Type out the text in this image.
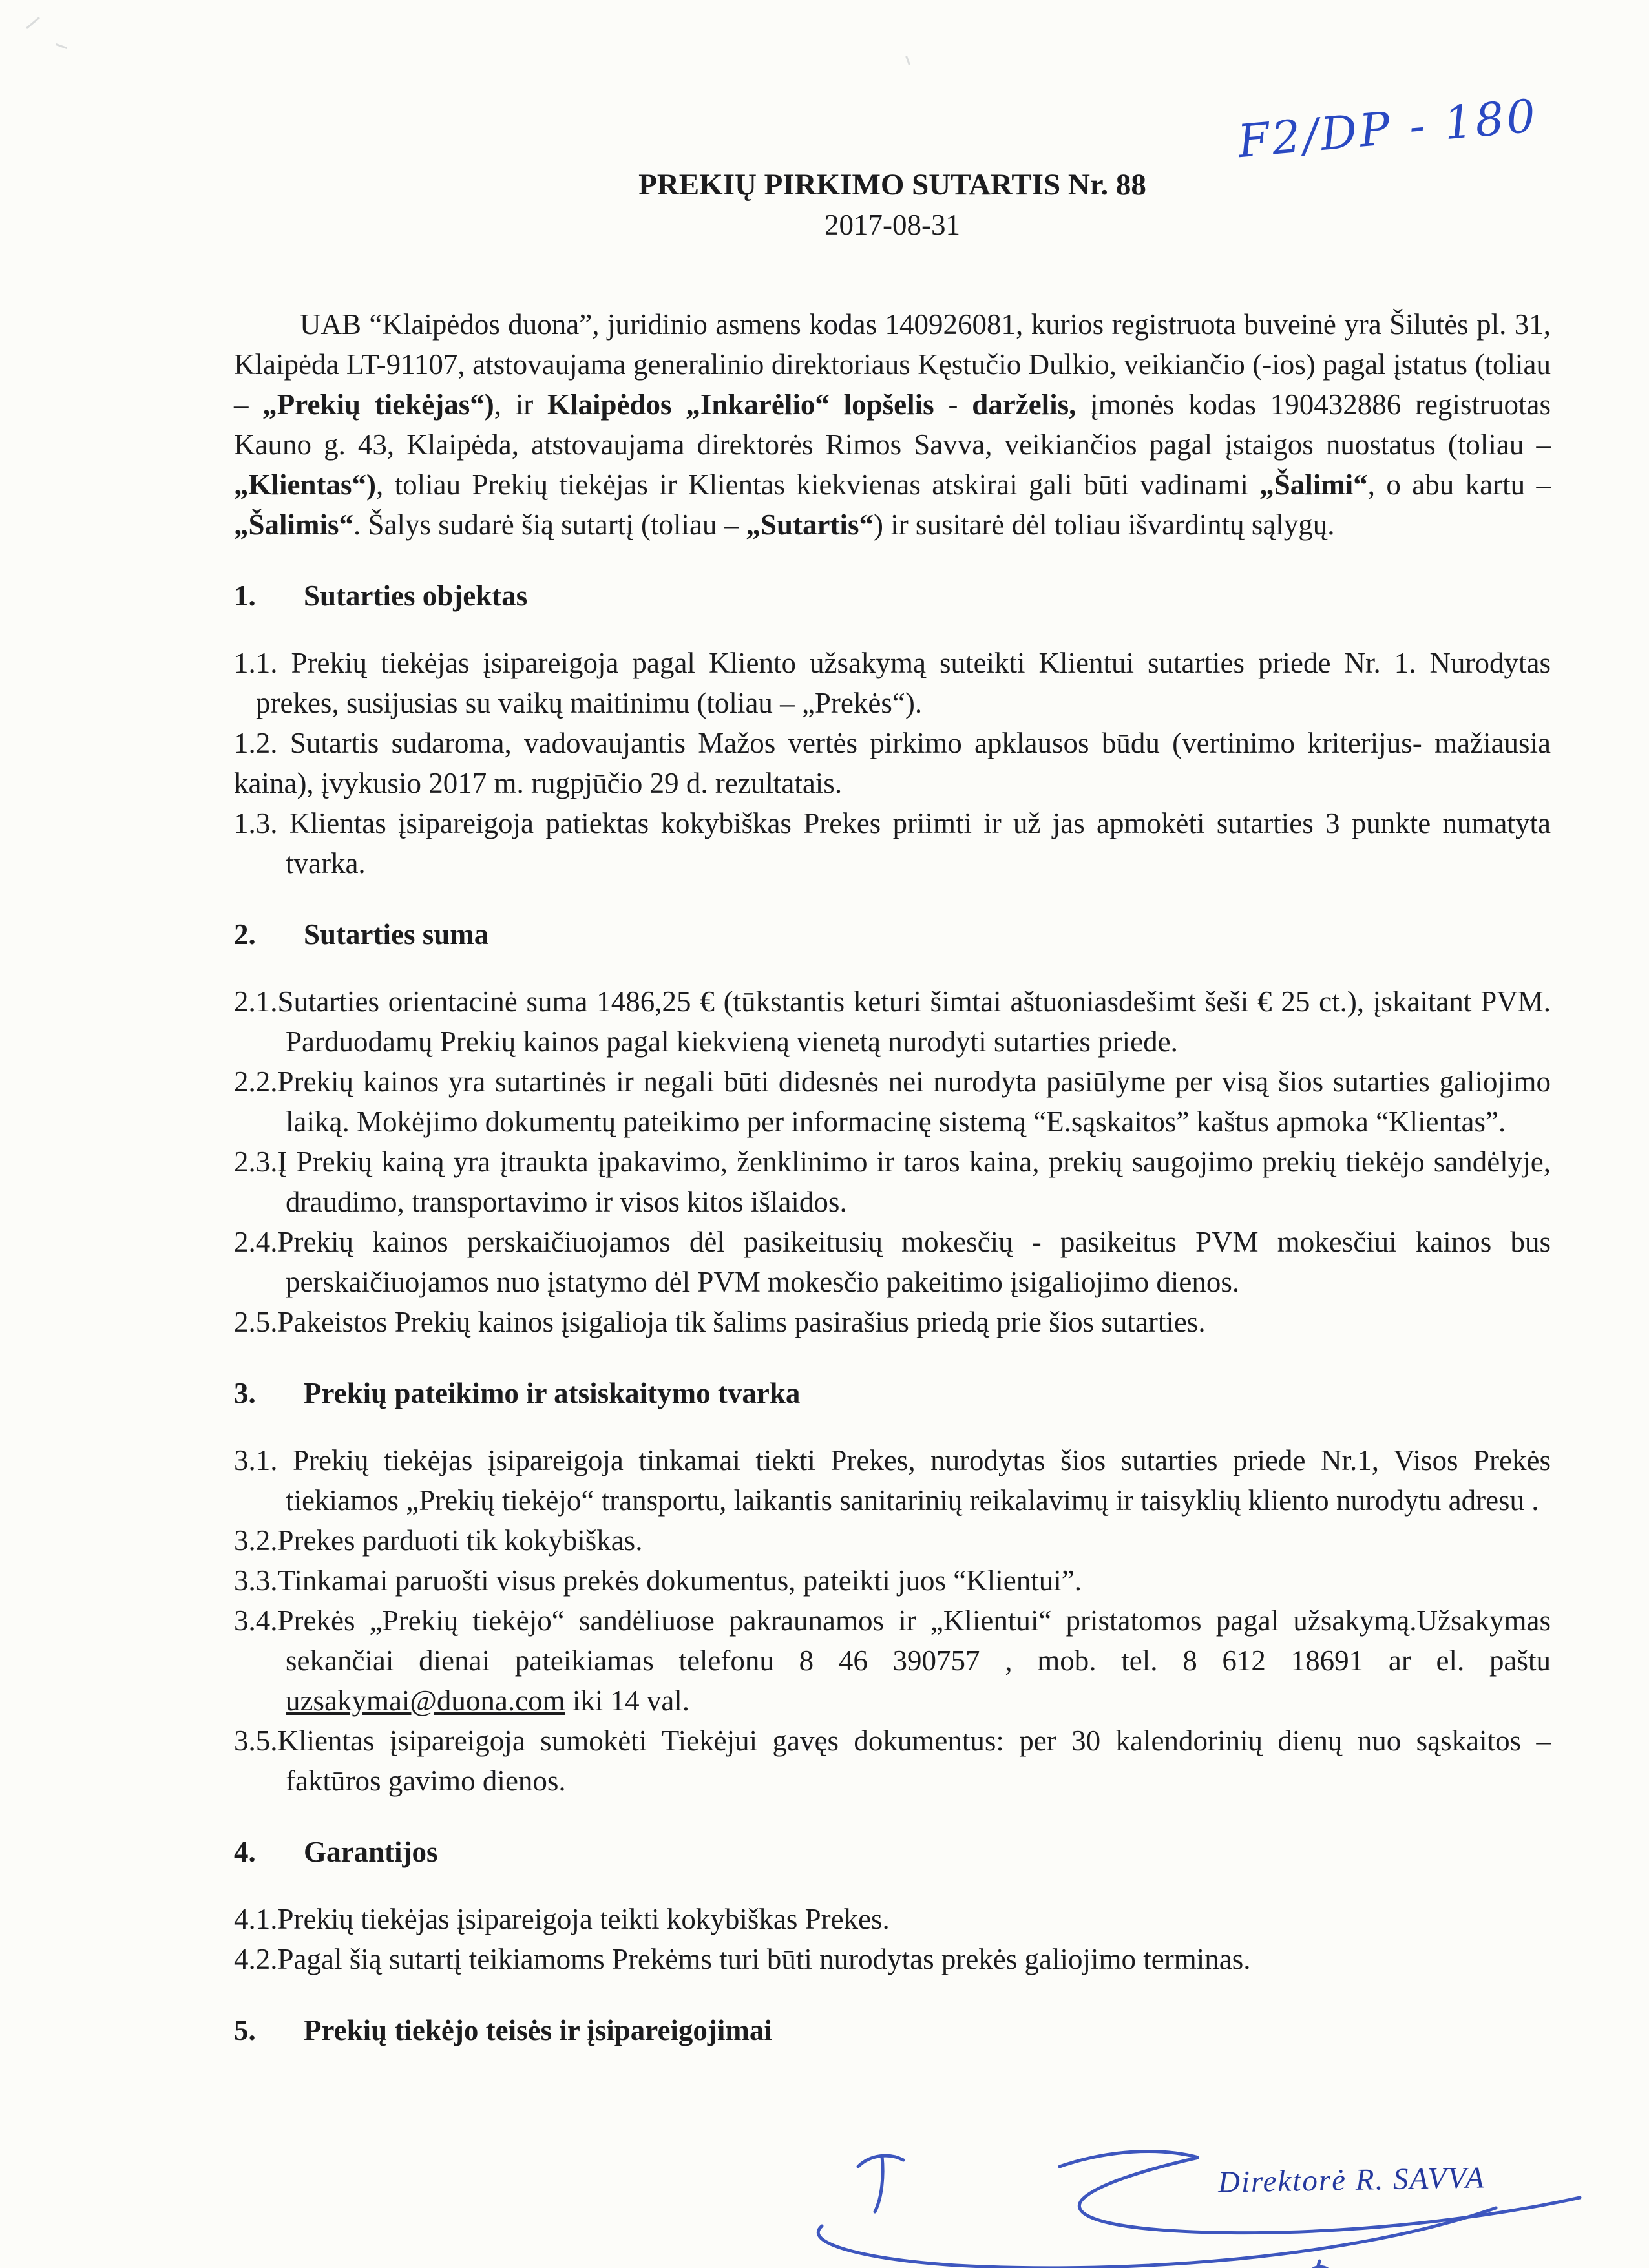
F2/DP - 180
PREKIŲ PIRKIMO SUTARTIS Nr. 88
2017-08-31

UAB “Klaipėdos duona”, juridinio asmens kodas 140926081, kurios registruota buveinė yra Šilutės pl. 31, Klaipėda LT-91107, atstovaujama generalinio direktoriaus Kęstučio Dulkio, veikiančio (-ios) pagal įstatus (toliau – „Prekių tiekėjas“), ir Klaipėdos „Inkarėlio“ lopšelis - darželis, įmonės kodas 190432886 registruotas Kauno g. 43, Klaipėda, atstovaujama direktorės Rimos Savva, veikiančios pagal įstaigos nuostatus (toliau – „Klientas“), toliau Prekių tiekėjas ir Klientas kiekvienas atskirai gali būti vadinami „Šalimi“, o abu kartu – „Šalimis“. Šalys sudarė šią sutartį (toliau – „Sutartis“) ir susitarė dėl toliau išvardintų sąlygų.

1. Sutarties objektas

1.1. Prekių tiekėjas įsipareigoja pagal Kliento užsakymą suteikti Klientui sutarties priede Nr. 1. Nurodytas prekes, susijusias su vaikų maitinimu (toliau – „Prekės“).

1.2. Sutartis sudaroma, vadovaujantis Mažos vertės pirkimo apklausos būdu (vertinimo kriterijus- mažiausia kaina), įvykusio 2017 m. rugpjūčio 29 d. rezultatais.

1.3. Klientas įsipareigoja patiektas kokybiškas Prekes priimti ir už jas apmokėti sutarties 3 punkte numatyta tvarka.

2. Sutarties suma

2.1.Sutarties orientacinė suma 1486,25 € (tūkstantis keturi šimtai aštuoniasdešimt šeši € 25 ct.), įskaitant PVM. Parduodamų Prekių kainos pagal kiekvieną vienetą nurodyti sutarties priede.

2.2.Prekių kainos yra sutartinės ir negali būti didesnės nei nurodyta pasiūlyme per visą šios sutarties galiojimo laiką. Mokėjimo dokumentų pateikimo per informacinę sistemą “E.sąskaitos” kaštus apmoka “Klientas”.

2.3.Į Prekių kainą yra įtraukta įpakavimo, ženklinimo ir taros kaina, prekių saugojimo prekių tiekėjo sandėlyje, draudimo, transportavimo ir visos kitos išlaidos.

2.4.Prekių kainos perskaičiuojamos dėl pasikeitusių mokesčių - pasikeitus PVM mokesčiui kainos bus perskaičiuojamos nuo įstatymo dėl PVM mokesčio pakeitimo įsigaliojimo dienos.

2.5.Pakeistos Prekių kainos įsigalioja tik šalims pasirašius priedą prie šios sutarties.

3. Prekių pateikimo ir atsiskaitymo tvarka

3.1. Prekių tiekėjas įsipareigoja tinkamai tiekti Prekes, nurodytas šios sutarties priede Nr.1, Visos Prekės tiekiamos „Prekių tiekėjo“ transportu, laikantis sanitarinių reikalavimų ir taisyklių kliento nurodytu adresu .

3.2.Prekes parduoti tik kokybiškas.

3.3.Tinkamai paruošti visus prekės dokumentus, pateikti juos “Klientui”.

3.4.Prekės „Prekių tiekėjo“ sandėliuose pakraunamos ir „Klientui“ pristatomos pagal užsakymą.Užsakymas sekančiai dienai pateikiamas telefonu 8 46 390757 , mob. tel. 8 612 18691 ar el. paštu uzsakymai@duona.com iki 14 val.

3.5.Klientas įsipareigoja sumokėti Tiekėjui gavęs dokumentus: per 30 kalendorinių dienų nuo sąskaitos – faktūros gavimo dienos.

4. Garantijos

4.1.Prekių tiekėjas įsipareigoja teikti kokybiškas Prekes.

4.2.Pagal šią sutartį teikiamoms Prekėms turi būti nurodytas prekės galiojimo terminas.

5. Prekių tiekėjo teisės ir įsipareigojimai
Direktorė R. SAVVA
